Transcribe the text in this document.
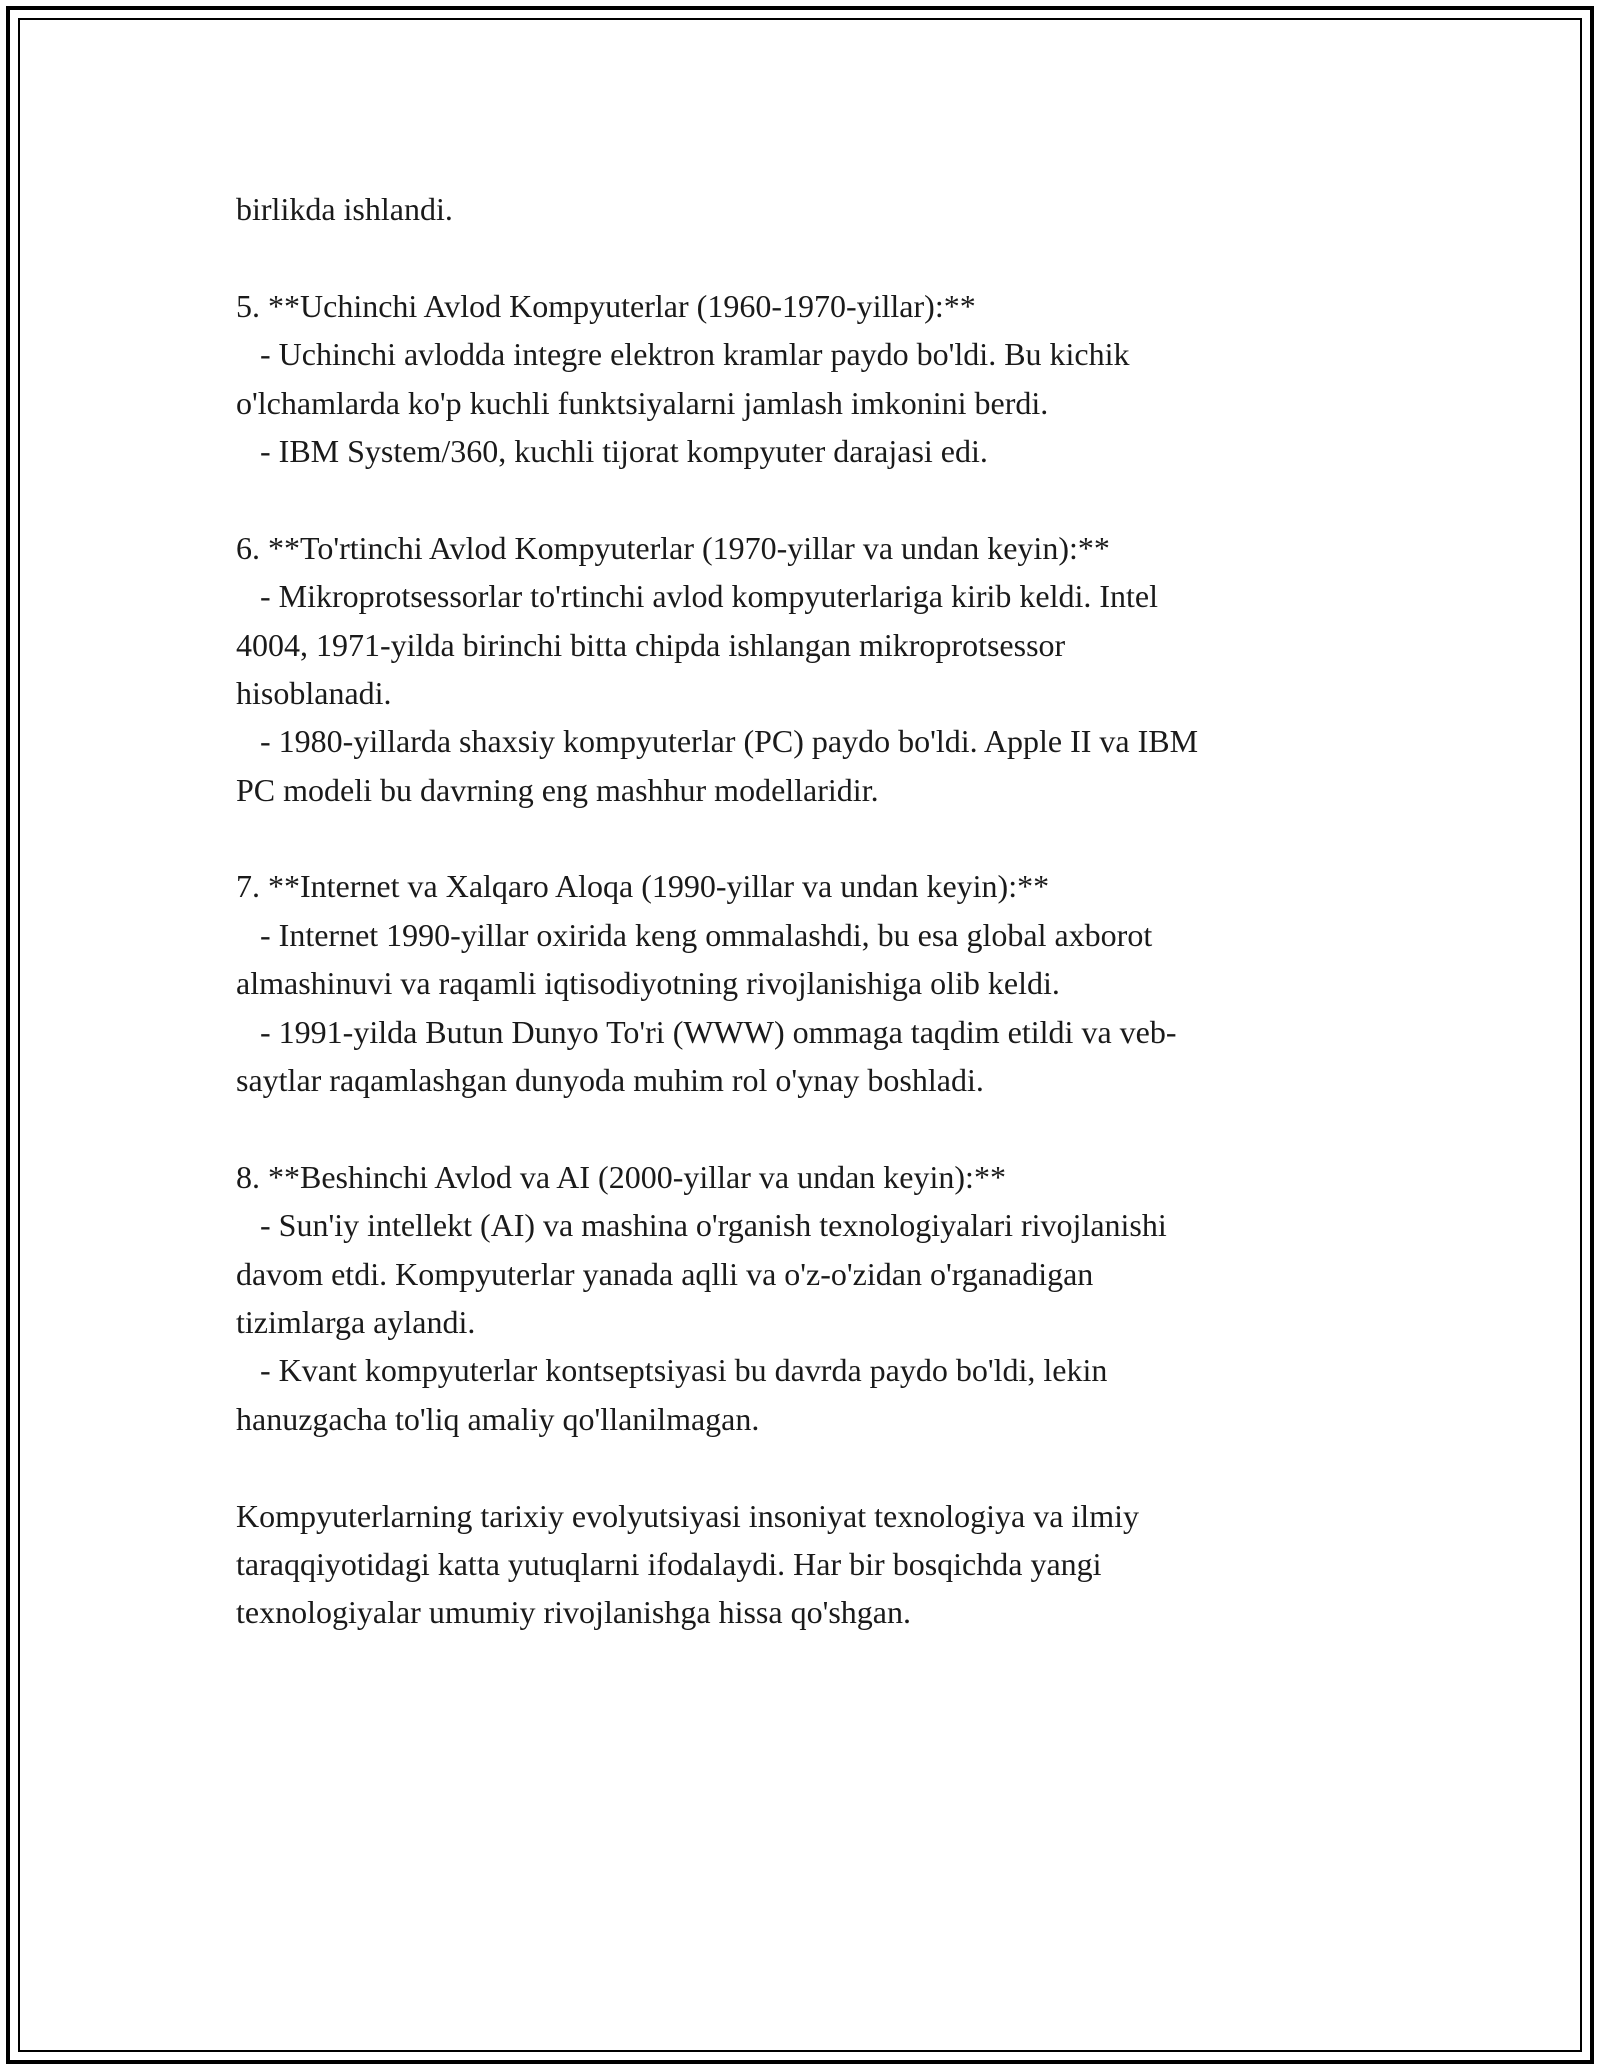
birlikda ishlandi.
5. **Uchinchi Avlod Kompyuterlar (1960-1970-yillar):**
- Uchinchi avlodda integre elektron kramlar paydo bo'ldi. Bu kichik
o'lchamlarda ko'p kuchli funktsiyalarni jamlash imkonini berdi.
- IBM System/360, kuchli tijorat kompyuter darajasi edi.
6. **To'rtinchi Avlod Kompyuterlar (1970-yillar va undan keyin):**
- Mikroprotsessorlar to'rtinchi avlod kompyuterlariga kirib keldi. Intel
4004, 1971-yilda birinchi bitta chipda ishlangan mikroprotsessor
hisoblanadi.
- 1980-yillarda shaxsiy kompyuterlar (PC) paydo bo'ldi. Apple II va IBM
PC modeli bu davrning eng mashhur modellaridir.
7. **Internet va Xalqaro Aloqa (1990-yillar va undan keyin):**
- Internet 1990-yillar oxirida keng ommalashdi, bu esa global axborot
almashinuvi va raqamli iqtisodiyotning rivojlanishiga olib keldi.
- 1991-yilda Butun Dunyo To'ri (WWW) ommaga taqdim etildi va veb-
saytlar raqamlashgan dunyoda muhim rol o'ynay boshladi.
8. **Beshinchi Avlod va AI (2000-yillar va undan keyin):**
- Sun'iy intellekt (AI) va mashina o'rganish texnologiyalari rivojlanishi
davom etdi. Kompyuterlar yanada aqlli va o'z-o'zidan o'rganadigan
tizimlarga aylandi.
- Kvant kompyuterlar kontseptsiyasi bu davrda paydo bo'ldi, lekin
hanuzgacha to'liq amaliy qo'llanilmagan.
Kompyuterlarning tarixiy evolyutsiyasi insoniyat texnologiya va ilmiy
taraqqiyotidagi katta yutuqlarni ifodalaydi. Har bir bosqichda yangi
texnologiyalar umumiy rivojlanishga hissa qo'shgan.
